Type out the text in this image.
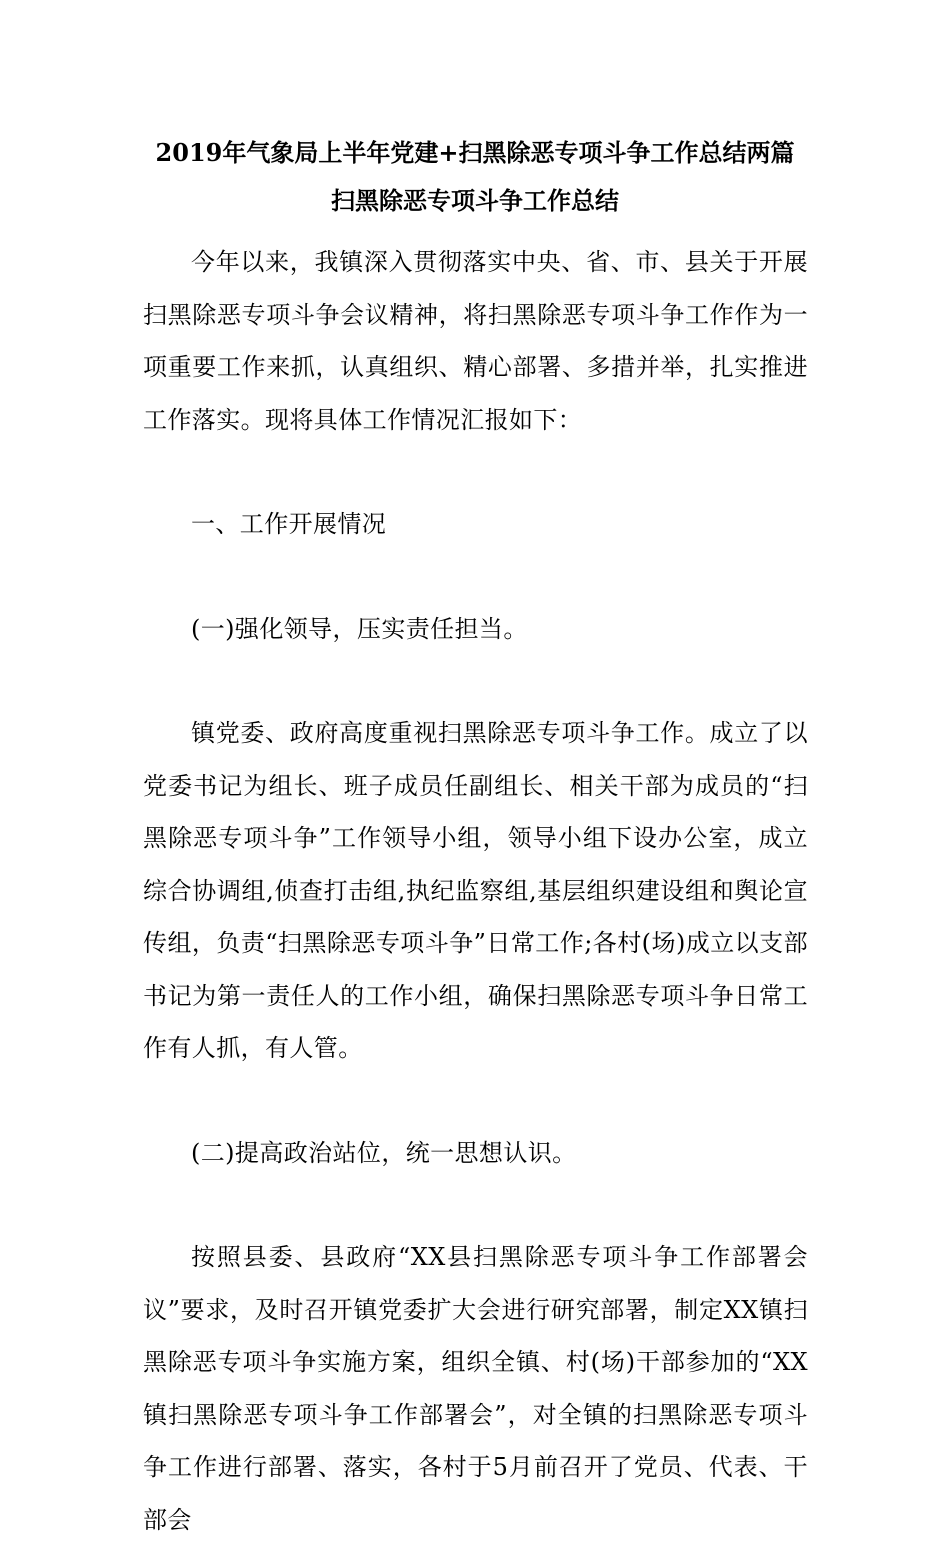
2019年气象局上半年党建+扫黑除恶专项斗争工作总结两篇
扫黑除恶专项斗争工作总结

今年以来，我镇深入贯彻落实中央、省、市、县关于开展扫黑除恶专项斗争会议精神，将扫黑除恶专项斗争工作作为一项重要工作来抓，认真组织、精心部署、多措并举，扎实推进工作落实。现将具体工作情况汇报如下：

一、工作开展情况

(一)强化领导，压实责任担当。

镇党委、政府高度重视扫黑除恶专项斗争工作。成立了以党委书记为组长、班子成员任副组长、相关干部为成员的“扫黑除恶专项斗争”工作领导小组，领导小组下设办公室，成立综合协调组,侦查打击组,执纪监察组,基层组织建设组和舆论宣传组，负责“扫黑除恶专项斗争”日常工作;各村(场)成立以支部书记为第一责任人的工作小组，确保扫黑除恶专项斗争日常工作有人抓，有人管。

(二)提高政治站位，统一思想认识。

按照县委、县政府“XX县扫黑除恶专项斗争工作部署会议”要求，及时召开镇党委扩大会进行研究部署，制定XX镇扫黑除恶专项斗争实施方案，组织全镇、村(场)干部参加的“XX镇扫黑除恶专项斗争工作部署会”，对全镇的扫黑除恶专项斗争工作进行部署、落实，各村于5月前召开了党员、代表、干部会
